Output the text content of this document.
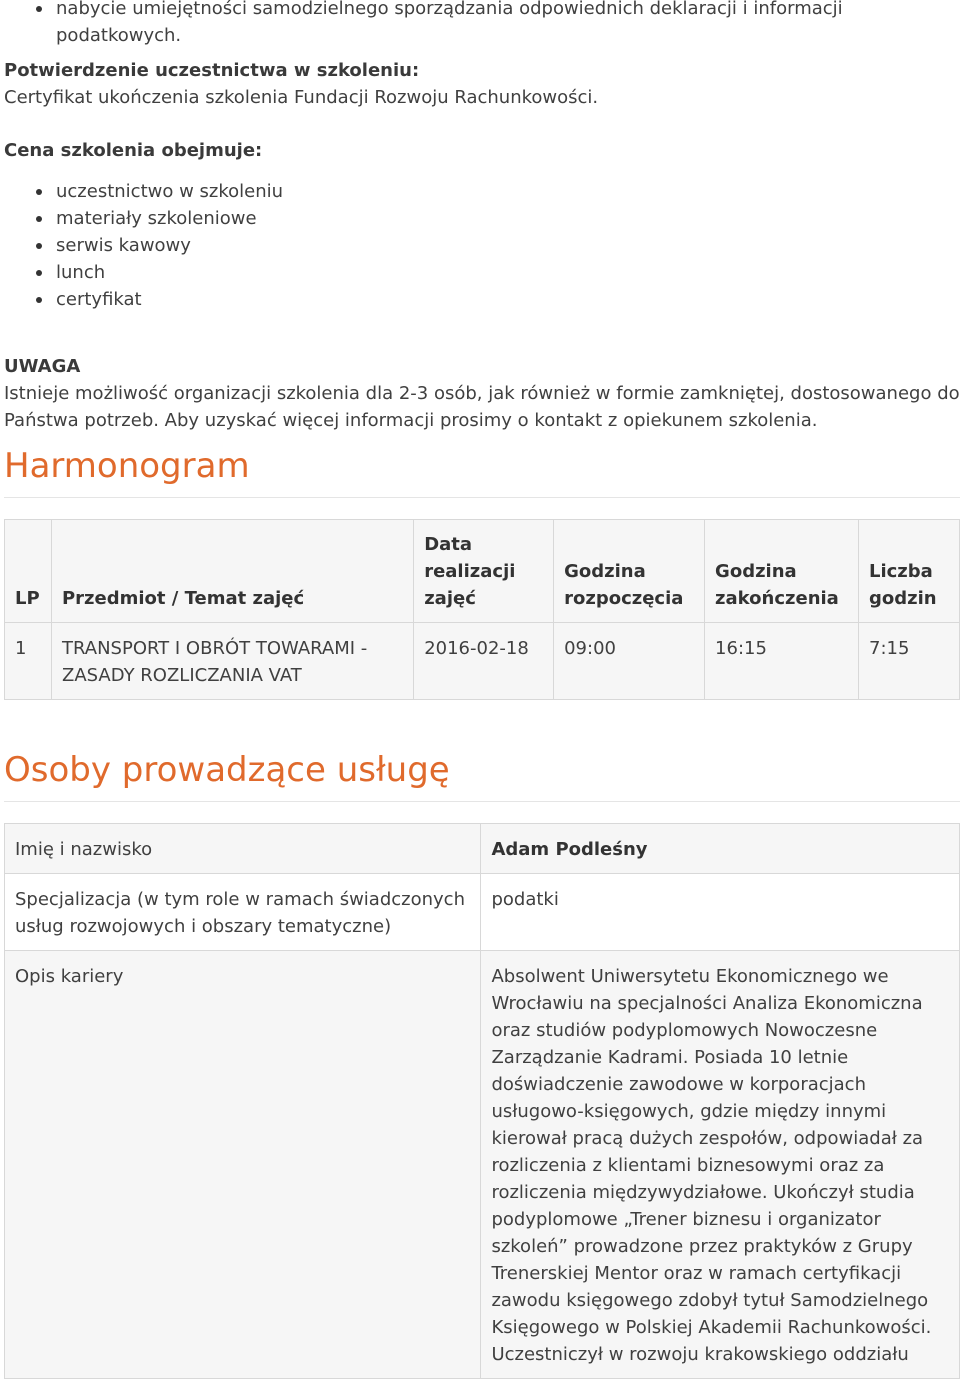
nabycie umiejętności samodzielnego sporządzania odpowiednich deklaracji i informacji podatkowych.
Potwierdzenie uczestnictwa w szkoleniu:
Certyfikat ukończenia szkolenia Fundacji Rozwoju Rachunkowości.
Cena szkolenia obejmuje:
uczestnictwo w szkoleniu
materiały szkoleniowe
serwis kawowy
lunch
certyfikat
UWAGA
Istnieje możliwość organizacji szkolenia dla 2-3 osób, jak również w formie zamkniętej, dostosowanego do Państwa potrzeb. Aby uzyskać więcej informacji prosimy o kontakt z opiekunem szkolenia.
Harmonogram
LP	Przedmiot / Temat zajęć	Data realizacji zajęć	Godzina rozpoczęcia	Godzina zakończenia	Liczba godzin
1	TRANSPORT I OBRÓT TOWARAMI - ZASADY ROZLICZANIA VAT	2016-02-18	09:00	16:15	7:15
Osoby prowadzące usługę
Imię i nazwisko	Adam Podleśny
Specjalizacja (w tym role w ramach świadczonych usług rozwojowych i obszary tematyczne)	podatki
Opis kariery	Absolwent Uniwersytetu Ekonomicznego we Wrocławiu na specjalności Analiza Ekonomiczna oraz studiów podyplomowych Nowoczesne Zarządzanie Kadrami. Posiada 10 letnie doświadczenie zawodowe w korporacjach usługowo-księgowych, gdzie między innymi kierował pracą dużych zespołów, odpowiadał za rozliczenia z klientami biznesowymi oraz za rozliczenia międzywydziałowe. Ukończył studia podyplomowe „Trener biznesu i organizator szkoleń” prowadzone przez praktyków z Grupy Trenerskiej Mentor oraz w ramach certyfikacji zawodu księgowego zdobył tytuł Samodzielnego Księgowego w Polskiej Akademii Rachunkowości. Uczestniczył w rozwoju krakowskiego oddziału
